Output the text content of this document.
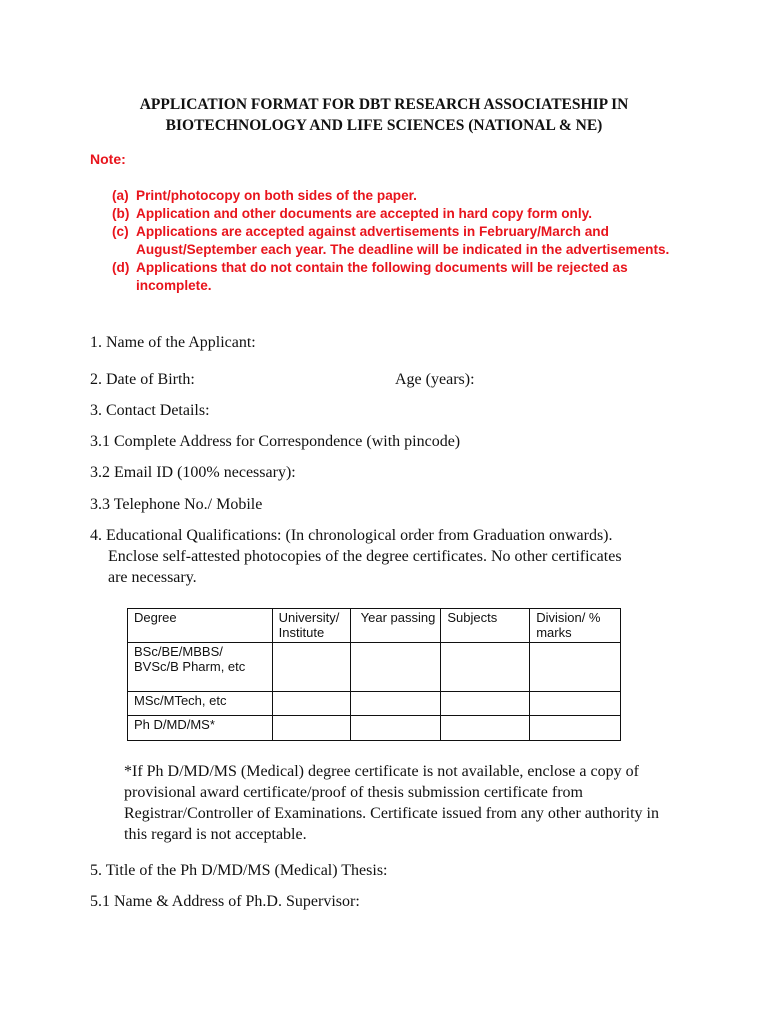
APPLICATION FORMAT FOR DBT RESEARCH ASSOCIATESHIP IN
BIOTECHNOLOGY AND LIFE SCIENCES (NATIONAL & NE)
Note:
(a) Print/photocopy on both sides of the paper.
(b) Application and other documents are accepted in hard copy form only.
(c) Applications are accepted against advertisements in February/March and August/September each year. The deadline will be indicated in the advertisements.
(d) Applications that do not contain the following documents will be rejected as incomplete.
1. Name of the Applicant:
2. Date of Birth:	Age (years):
3. Contact Details:
3.1 Complete Address for Correspondence (with pincode)
3.2 Email ID (100% necessary):
3.3 Telephone No./ Mobile
4. Educational Qualifications: (In chronological order from Graduation onwards).
Enclose self-attested photocopies of the degree certificates. No other certificates
are necessary.
Degree	University/ Institute	Year passing	Subjects	Division/ % marks
BSc/BE/MBBS/ BVSc/B Pharm, etc				
MSc/MTech, etc				
Ph D/MD/MS*				
*If Ph D/MD/MS (Medical) degree certificate is not available, enclose a copy of provisional award certificate/proof of thesis submission certificate from Registrar/Controller of Examinations. Certificate issued from any other authority in this regard is not acceptable.
5. Title of the Ph D/MD/MS (Medical) Thesis:
5.1 Name & Address of Ph.D. Supervisor:
